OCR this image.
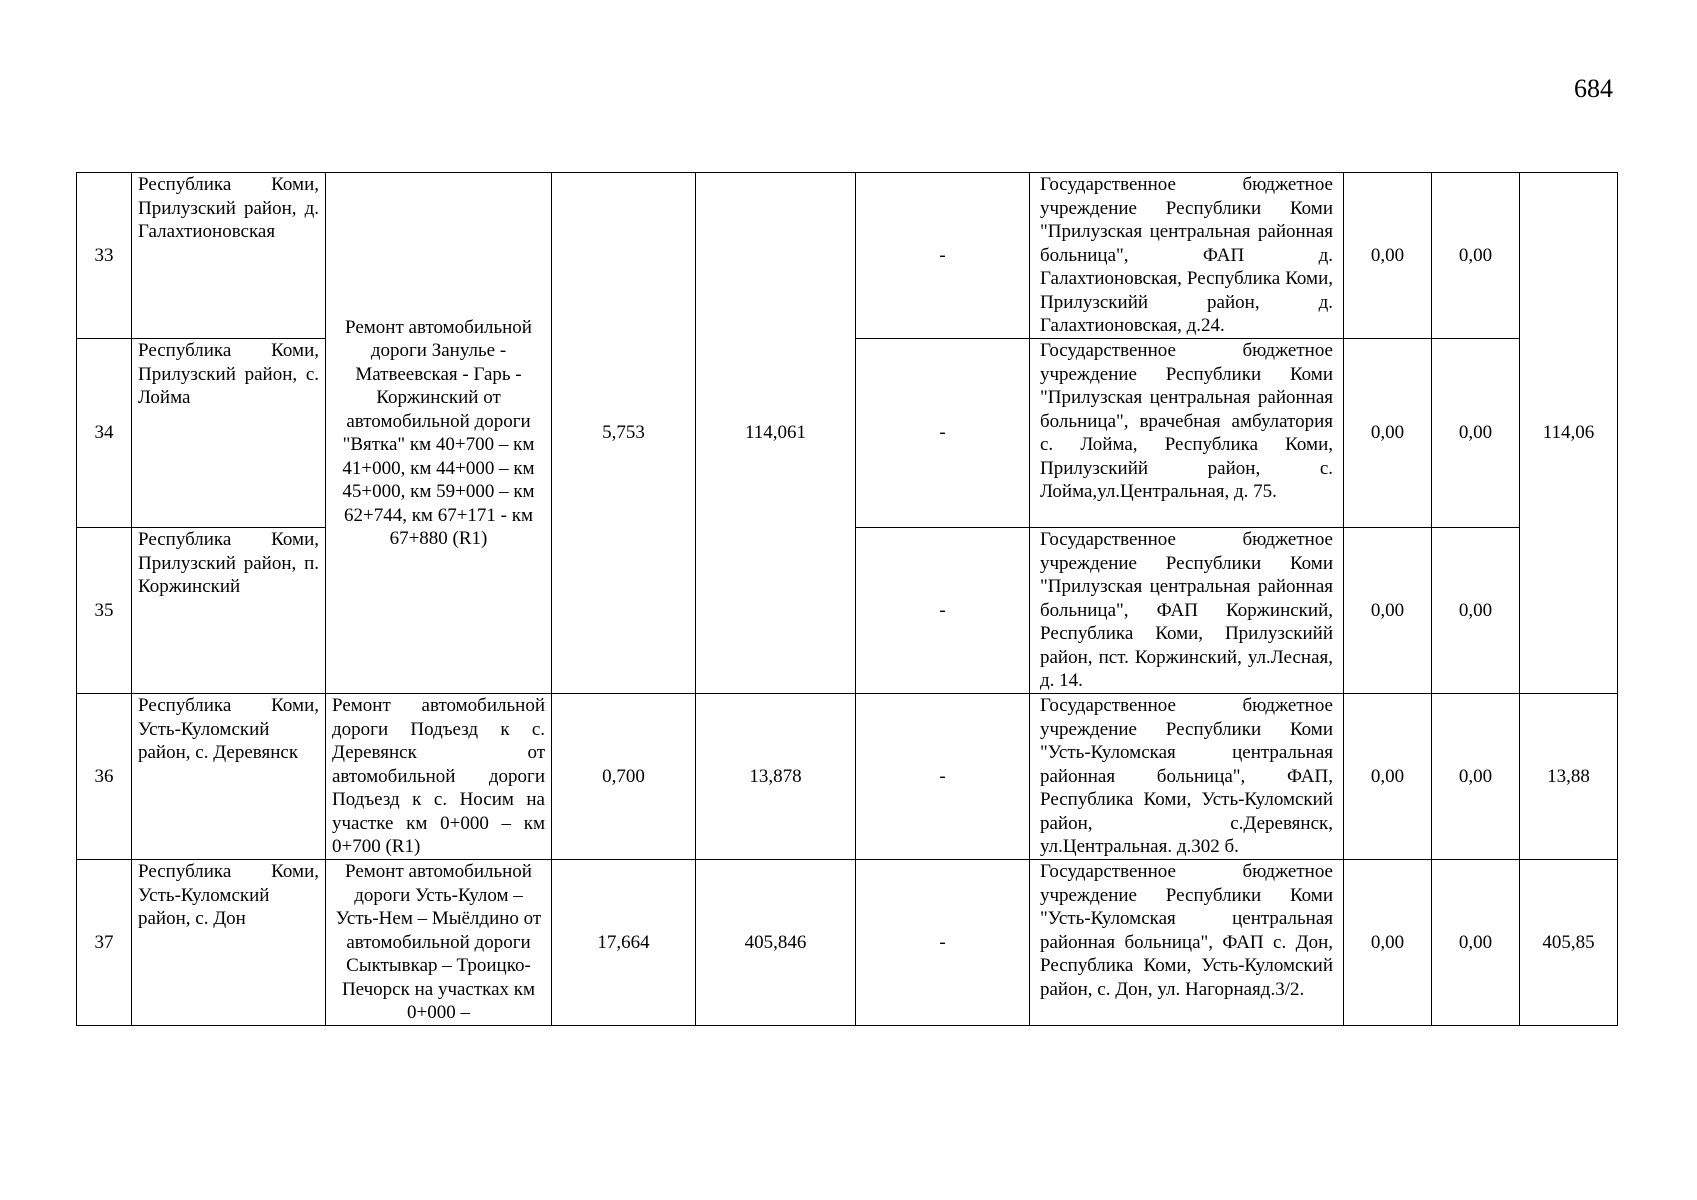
684
33	Республика Коми, Прилузский район, д. Галахтионовская	Ремонт автомобильной дороги Занулье - Матвеевская - Гарь - Коржинский от автомобильной дороги "Вятка" км 40+700 – км 41+000, км 44+000 – км 45+000, км 59+000 – км 62+744, км 67+171 - км 67+880 (R1)	5,753	114,061	-	Государственное бюджетное учреждение Республики Коми "Прилузская центральная районная больница", ФАП д. Галахтионовская, Республика Коми, Прилузскийй район, д. Галахтионовская, д.24.	0,00	0,00	114,06
34	Республика Коми, Прилузский район, с. Лойма				-	Государственное бюджетное учреждение Республики Коми "Прилузская центральная районная больница", врачебная амбулатория с. Лойма, Республика Коми, Прилузскийй район, с. Лойма,ул.Центральная, д. 75.	0,00	0,00	
35	Республика Коми, Прилузский район, п. Коржинский				-	Государственное бюджетное учреждение Республики Коми "Прилузская центральная районная больница", ФАП Коржинский, Республика Коми, Прилузскийй район, пст. Коржинский, ул.Лесная, д. 14.	0,00	0,00	
36	Республика Коми, Усть-Куломский район, с. Деревянск	Ремонт автомобильной дороги Подъезд к с. Деревянск от автомобильной дороги Подъезд к с. Носим на участке км 0+000 – км 0+700 (R1)	0,700	13,878	-	Государственное бюджетное учреждение Республики Коми "Усть-Куломская центральная районная больница", ФАП, Республика Коми, Усть-Куломский район, с.Деревянск, ул.Центральная. д.302 б.	0,00	0,00	13,88
37	Республика Коми, Усть-Куломский район, с. Дон	Ремонт автомобильной дороги Усть-Кулом – Усть-Нем – Мыёлдино от автомобильной дороги Сыктывкар – Троицко-Печорск на участках км 0+000 –	17,664	405,846	-	Государственное бюджетное учреждение Республики Коми "Усть-Куломская центральная районная больница", ФАП с. Дон, Республика Коми, Усть-Куломский район, с. Дон, ул. Нагорнаяд.3/2.	0,00	0,00	405,85
